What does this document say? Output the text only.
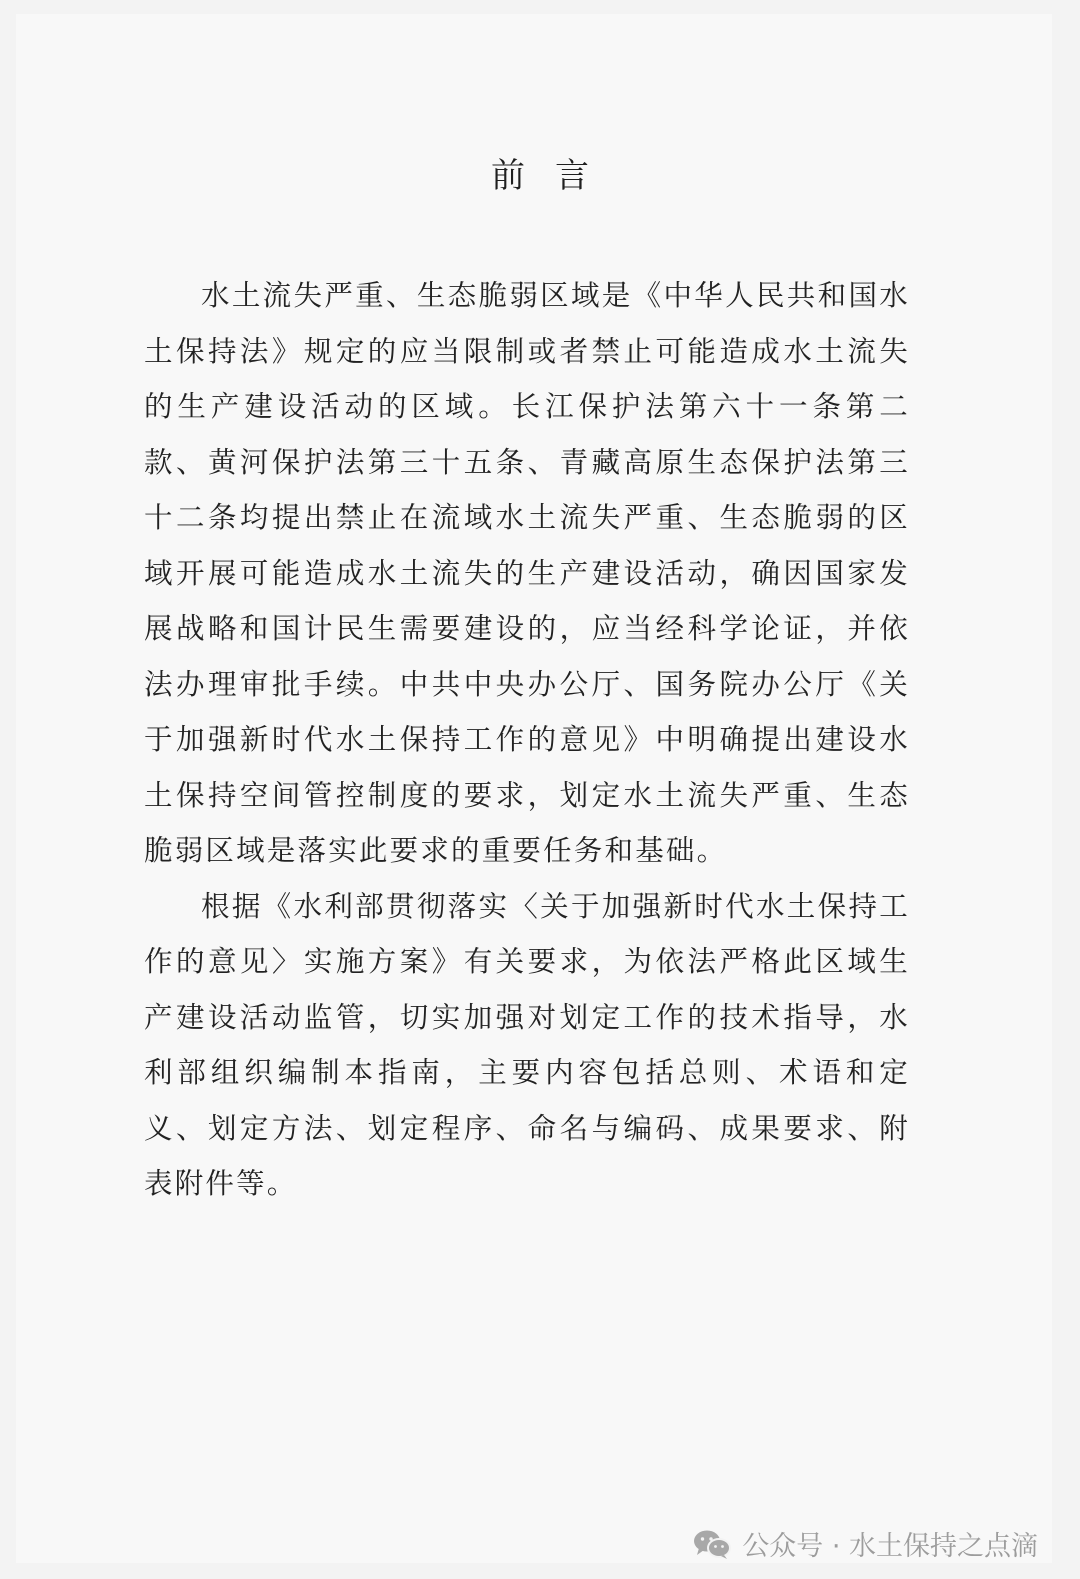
前言

水土流失严重、生态脆弱区域是《中华人民共和国水土保持法》规定的应当限制或者禁止可能造成水土流失的生产建设活动的区域。长江保护法第六十一条第二款、黄河保护法第三十五条、青藏高原生态保护法第三十二条均提出禁止在流域水土流失严重、生态脆弱的区域开展可能造成水土流失的生产建设活动，确因国家发展战略和国计民生需要建设的，应当经科学论证，并依法办理审批手续。中共中央办公厅、国务院办公厅《关于加强新时代水土保持工作的意见》中明确提出建设水土保持空间管控制度的要求，划定水土流失严重、生态脆弱区域是落实此要求的重要任务和基础。

根据《水利部贯彻落实〈关于加强新时代水土保持工作的意见〉实施方案》有关要求，为依法严格此区域生产建设活动监管，切实加强对划定工作的技术指导，水利部组织编制本指南，主要内容包括总则、术语和定义、划定方法、划定程序、命名与编码、成果要求、附表附件等。

公众号 · 水土保持之点滴
